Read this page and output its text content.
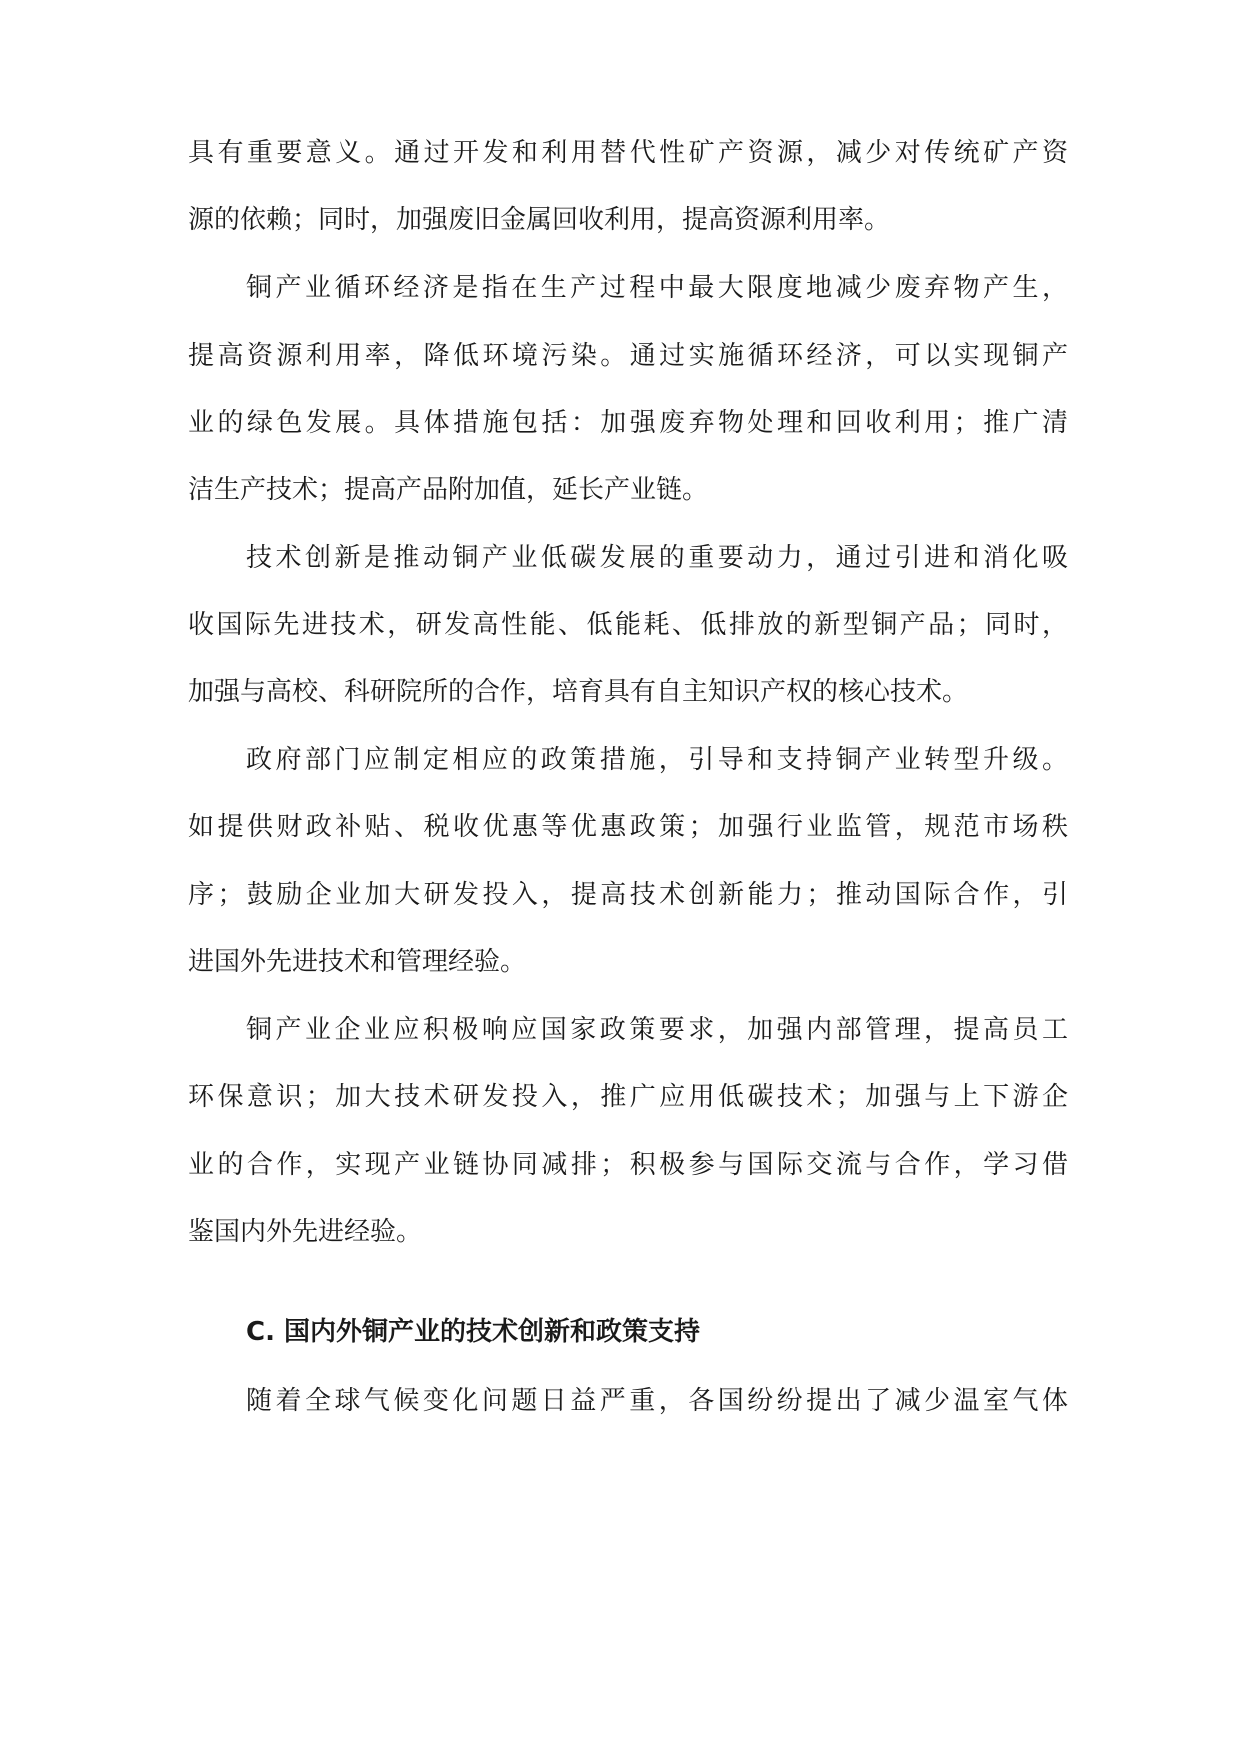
具有重要意义。通过开发和利用替代性矿产资源，减少对传统矿产资
源的依赖；同时，加强废旧金属回收利用，提高资源利用率。
铜产业循环经济是指在生产过程中最大限度地减少废弃物产生，
提高资源利用率，降低环境污染。通过实施循环经济，可以实现铜产
业的绿色发展。具体措施包括：加强废弃物处理和回收利用；推广清
洁生产技术；提高产品附加值，延长产业链。
技术创新是推动铜产业低碳发展的重要动力，通过引进和消化吸
收国际先进技术，研发高性能、低能耗、低排放的新型铜产品；同时，
加强与高校、科研院所的合作，培育具有自主知识产权的核心技术。
政府部门应制定相应的政策措施，引导和支持铜产业转型升级。
如提供财政补贴、税收优惠等优惠政策；加强行业监管，规范市场秩
序；鼓励企业加大研发投入，提高技术创新能力；推动国际合作，引
进国外先进技术和管理经验。
铜产业企业应积极响应国家政策要求，加强内部管理，提高员工
环保意识；加大技术研发投入，推广应用低碳技术；加强与上下游企
业的合作，实现产业链协同减排；积极参与国际交流与合作，学习借
鉴国内外先进经验。
C. 国内外铜产业的技术创新和政策支持
随着全球气候变化问题日益严重，各国纷纷提出了减少温室气体
